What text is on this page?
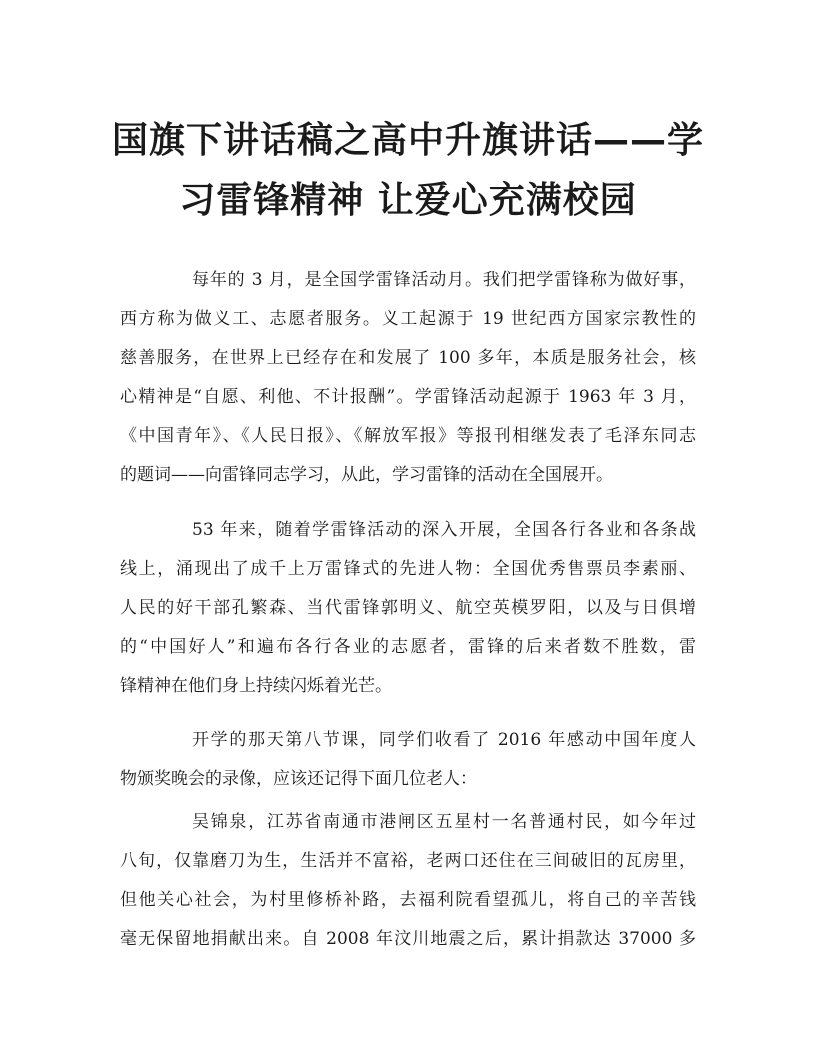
国旗下讲话稿之高中升旗讲话——学
习雷锋精神 让爱心充满校园
每年的 3 月，是全国学雷锋活动月。我们把学雷锋称为做好事，
西方称为做义工、志愿者服务。义工起源于 19 世纪西方国家宗教性的
慈善服务，在世界上已经存在和发展了 100 多年，本质是服务社会，核
心精神是“自愿、利他、不计报酬”。学雷锋活动起源于 1963 年 3 月，
《中国青年》、《人民日报》、《解放军报》等报刊相继发表了毛泽东同志
的题词——向雷锋同志学习，从此，学习雷锋的活动在全国展开。
53 年来，随着学雷锋活动的深入开展，全国各行各业和各条战
线上，涌现出了成千上万雷锋式的先进人物：全国优秀售票员李素丽、
人民的好干部孔繁森、当代雷锋郭明义、航空英模罗阳，以及与日俱增
的“中国好人”和遍布各行各业的志愿者，雷锋的后来者数不胜数，雷
锋精神在他们身上持续闪烁着光芒。
开学的那天第八节课，同学们收看了 2016 年感动中国年度人
物颁奖晚会的录像，应该还记得下面几位老人：
吴锦泉，江苏省南通市港闸区五星村一名普通村民，如今年过
八旬，仅靠磨刀为生，生活并不富裕，老两口还住在三间破旧的瓦房里，
但他关心社会，为村里修桥补路，去福利院看望孤儿，将自己的辛苦钱
毫无保留地捐献出来。自 2008 年汶川地震之后，累计捐款达 37000 多
